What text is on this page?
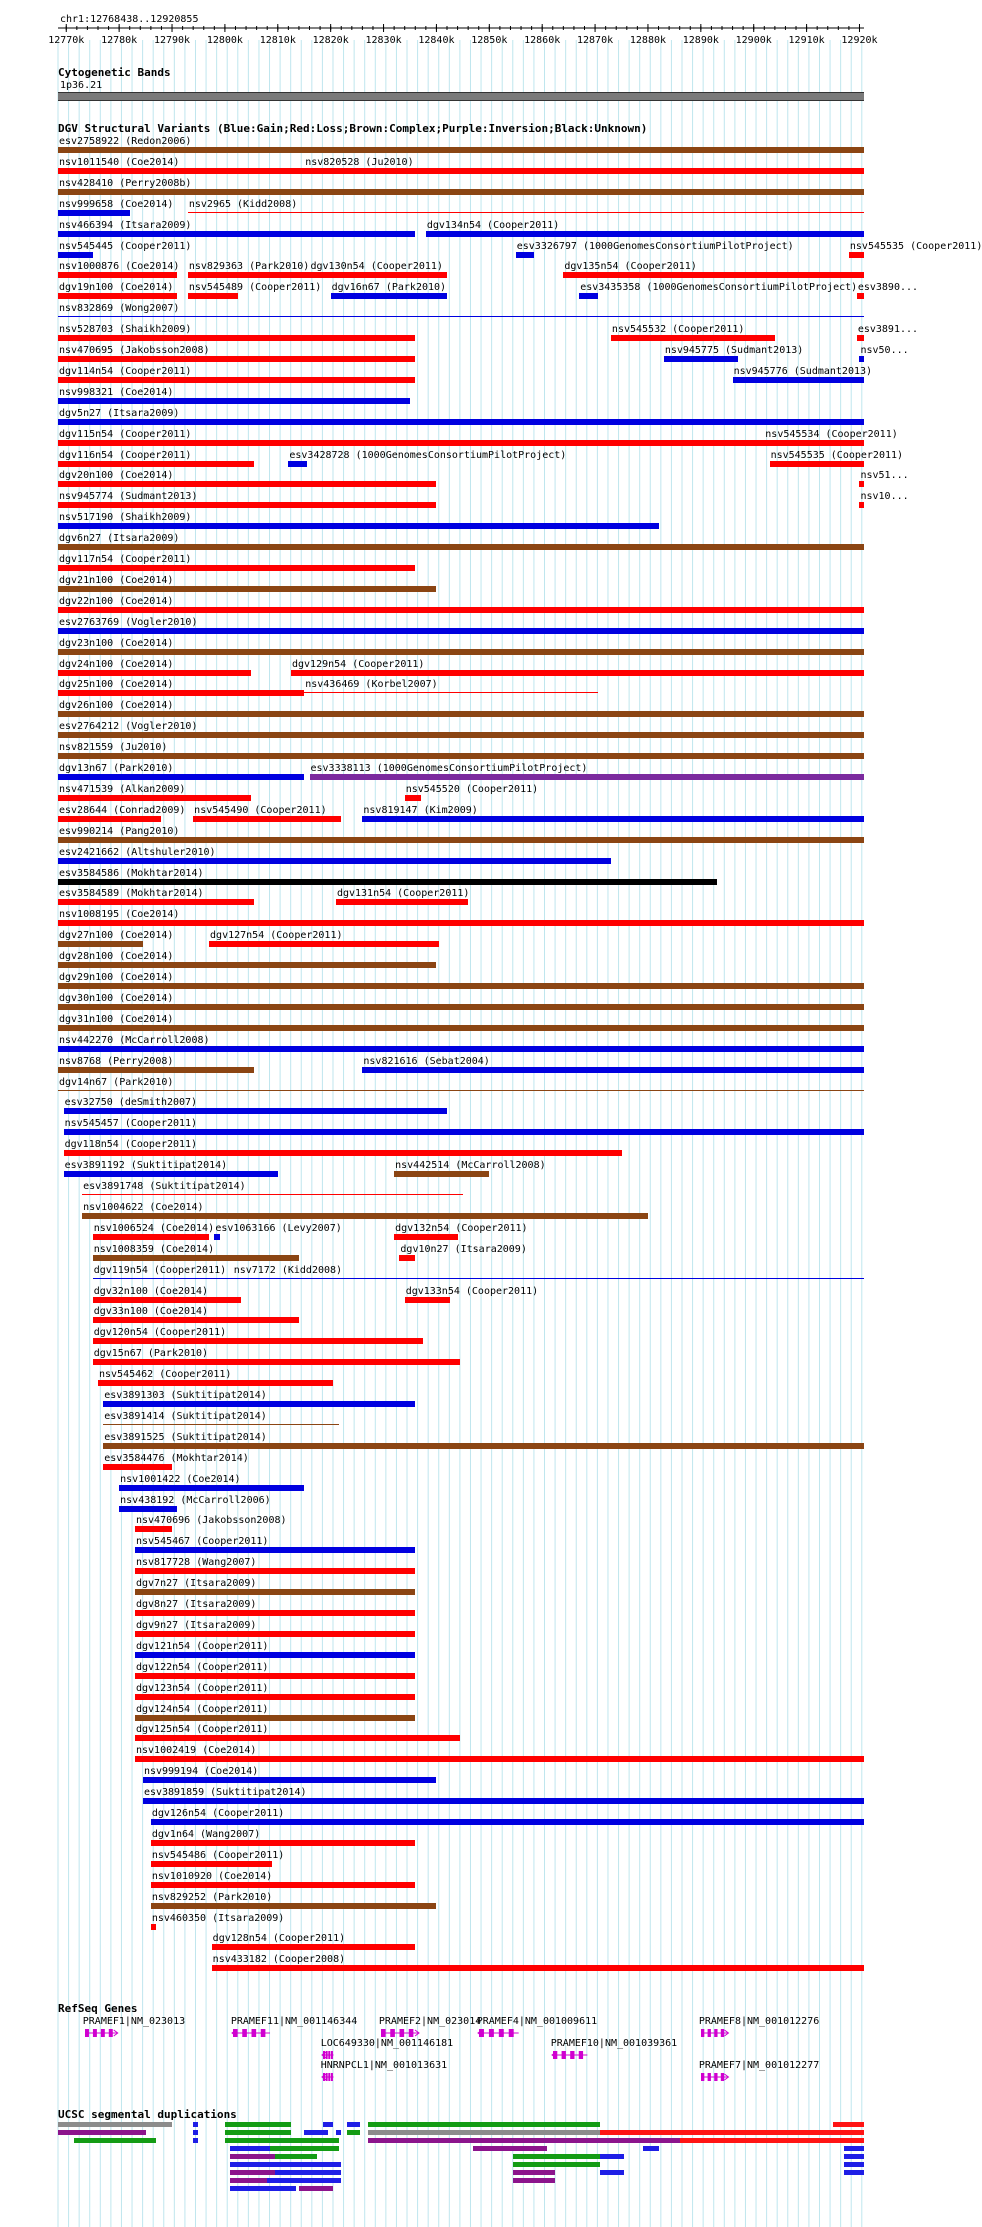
chr1:12768438..12920855
12770k 12780k 12790k 12800k 12810k 12820k 12830k 12840k 12850k 12860k 12870k 12880k 12890k 12900k 12910k 12920k
Cytogenetic Bands
1p36.21
DGV Structural Variants (Blue:Gain;Red:Loss;Brown:Complex;Purple:Inversion;Black:Unknown)
esv2758922 (Redon2006)
nsv1011540 (Coe2014)	nsv820528 (Ju2010)
nsv428410 (Perry2008b)
nsv999658 (Coe2014) nsv2965 (Kidd2008)
nsv466394 (Itsara2009)	dgv134n54 (Cooper2011)
nsv545445 (Cooper2011)	esv3326797 (1000GenomesConsortiumPilotProject)	nsv545535 (Cooper2011)
nsv1000876 (Coe2014) nsv829363 (Park2010) dgv130n54 (Cooper2011)	dgv135n54 (Cooper2011)
dgv19n100 (Coe2014) nsv545489 (Cooper2011) dgv16n67 (Park2010)	esv3435358 (1000GenomesConsortiumPilotProject) esv3890...
nsv832869 (Wong2007)
nsv528703 (Shaikh2009)	nsv545532 (Cooper2011)	esv3891...
nsv470695 (Jakobsson2008)	nsv945775 (Sudmant2013)	nsv50...
dgv114n54 (Cooper2011)	nsv945776 (Sudmant2013)
nsv998321 (Coe2014)
dgv5n27 (Itsara2009)
dgv115n54 (Cooper2011)	nsv545534 (Cooper2011)
dgv116n54 (Cooper2011)	esv3428728 (1000GenomesConsortiumPilotProject)	nsv545535 (Cooper2011)
dgv20n100 (Coe2014)	nsv51...
nsv945774 (Sudmant2013)	nsv10...
nsv517190 (Shaikh2009)
dgv6n27 (Itsara2009)
dgv117n54 (Cooper2011)
dgv21n100 (Coe2014)
dgv22n100 (Coe2014)
esv2763769 (Vogler2010)
dgv23n100 (Coe2014)
dgv24n100 (Coe2014)	dgv129n54 (Cooper2011)
dgv25n100 (Coe2014)	nsv436469 (Korbel2007)
dgv26n100 (Coe2014)
esv2764212 (Vogler2010)
nsv821559 (Ju2010)
dgv13n67 (Park2010)	esv3338113 (1000GenomesConsortiumPilotProject)
nsv471539 (Alkan2009)	nsv545520 (Cooper2011)
esv28644 (Conrad2009) nsv545490 (Cooper2011)	nsv819147 (Kim2009)
esv990214 (Pang2010)
esv2421662 (Altshuler2010)
esv3584586 (Mokhtar2014)
esv3584589 (Mokhtar2014)	dgv131n54 (Cooper2011)
nsv1008195 (Coe2014)
dgv27n100 (Coe2014)	dgv127n54 (Cooper2011)
dgv28n100 (Coe2014)
dgv29n100 (Coe2014)
dgv30n100 (Coe2014)
dgv31n100 (Coe2014)
nsv442270 (McCarroll2008)
nsv8768 (Perry2008)	nsv821616 (Sebat2004)
dgv14n67 (Park2010)
esv32750 (deSmith2007)
nsv545457 (Cooper2011)
dgv118n54 (Cooper2011)
esv3891192 (Suktitipat2014)	nsv442514 (McCarroll2008)
esv3891748 (Suktitipat2014)
nsv1004622 (Coe2014)
nsv1006524 (Coe2014) esv1063166 (Levy2007)	dgv132n54 (Cooper2011)
nsv1008359 (Coe2014)	dgv10n27 (Itsara2009)
dgv119n54 (Cooper2011) nsv7172 (Kidd2008)
dgv32n100 (Coe2014)	dgv133n54 (Cooper2011)
dgv33n100 (Coe2014)
dgv120n54 (Cooper2011)
dgv15n67 (Park2010)
nsv545462 (Cooper2011)
esv3891303 (Suktitipat2014)
esv3891414 (Suktitipat2014)
esv3891525 (Suktitipat2014)
esv3584476 (Mokhtar2014)
nsv1001422 (Coe2014)
nsv438192 (McCarroll2006)
nsv470696 (Jakobsson2008)
nsv545467 (Cooper2011)
nsv817728 (Wang2007)
dgv7n27 (Itsara2009)
dgv8n27 (Itsara2009)
dgv9n27 (Itsara2009)
dgv121n54 (Cooper2011)
dgv122n54 (Cooper2011)
dgv123n54 (Cooper2011)
dgv124n54 (Cooper2011)
dgv125n54 (Cooper2011)
nsv1002419 (Coe2014)
nsv999194 (Coe2014)
esv3891859 (Suktitipat2014)
dgv126n54 (Cooper2011)
dgv1n64 (Wang2007)
nsv545486 (Cooper2011)
nsv1010920 (Coe2014)
nsv829252 (Park2010)
nsv460350 (Itsara2009)
dgv128n54 (Cooper2011)
nsv433182 (Cooper2008)
RefSeq Genes
PRAMEF1|NM_023013	PRAMEF11|NM_001146344 PRAMEF2|NM_023014
PRAMEF4|NM_001009611	PRAMEF8|NM_001012276
LOC649330|NM_001146181	PRAMEF10|NM_001039361
HNRNPCL1|NM_001013631	PRAMEF7|NM_001012277
UCSC segmental duplications
